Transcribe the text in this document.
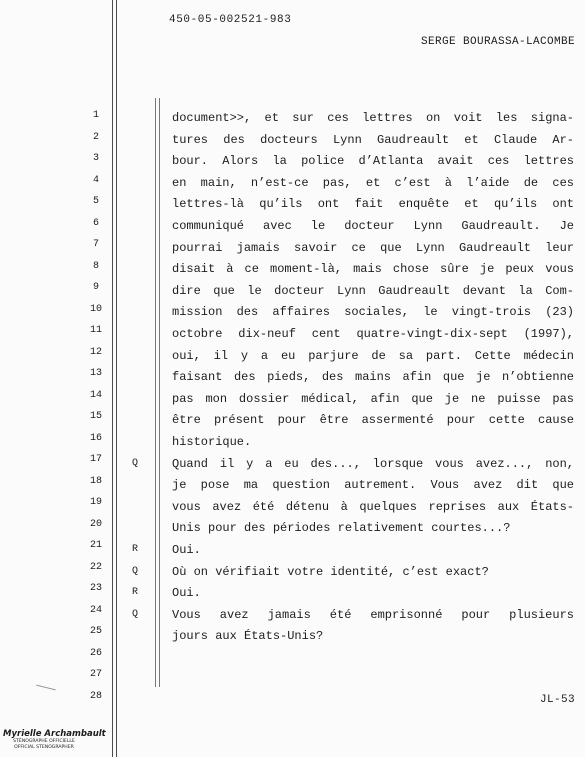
450-05-002521-983
SERGE BOURASSA-LACOMBE
1
2
3
4
5
6
7
8
9
10
11
12
13
14
15
16
17
18
19
20
21
22
23
24
25
26
27
28
Q
R
Q
R
Q
document>>, et sur ces lettres on voit les signa-
tures des docteurs Lynn Gaudreault et Claude Ar-
bour. Alors la police d’Atlanta avait ces lettres
en main, n’est-ce pas, et c’est à l’aide de ces
lettres-là qu’ils ont fait enquête et qu’ils ont
communiqué avec le docteur Lynn Gaudreault. Je
pourrai jamais savoir ce que Lynn Gaudreault leur
disait à ce moment-là, mais chose sûre je peux vous
dire que le docteur Lynn Gaudreault devant la Com-
mission des affaires sociales, le vingt-trois (23)
octobre dix-neuf cent quatre-vingt-dix-sept (1997),
oui, il y a eu parjure de sa part. Cette médecin
faisant des pieds, des mains afin que je n’obtienne
pas mon dossier médical, afin que je ne puisse pas
être présent pour être assermenté pour cette cause
historique.
Quand il y a eu des..., lorsque vous avez..., non,
je pose ma question autrement. Vous avez dit que
vous avez été détenu à quelques reprises aux États-
Unis pour des périodes relativement courtes...?
Oui.
Où on vérifiait votre identité, c’est exact?
Oui.
Vous avez jamais été emprisonné pour plusieurs
jours aux États-Unis?
JL-53
Myrielle Archambault
STÉNOGRAPHE OFFICIELLE
OFFICIAL STENOGRAPHER
